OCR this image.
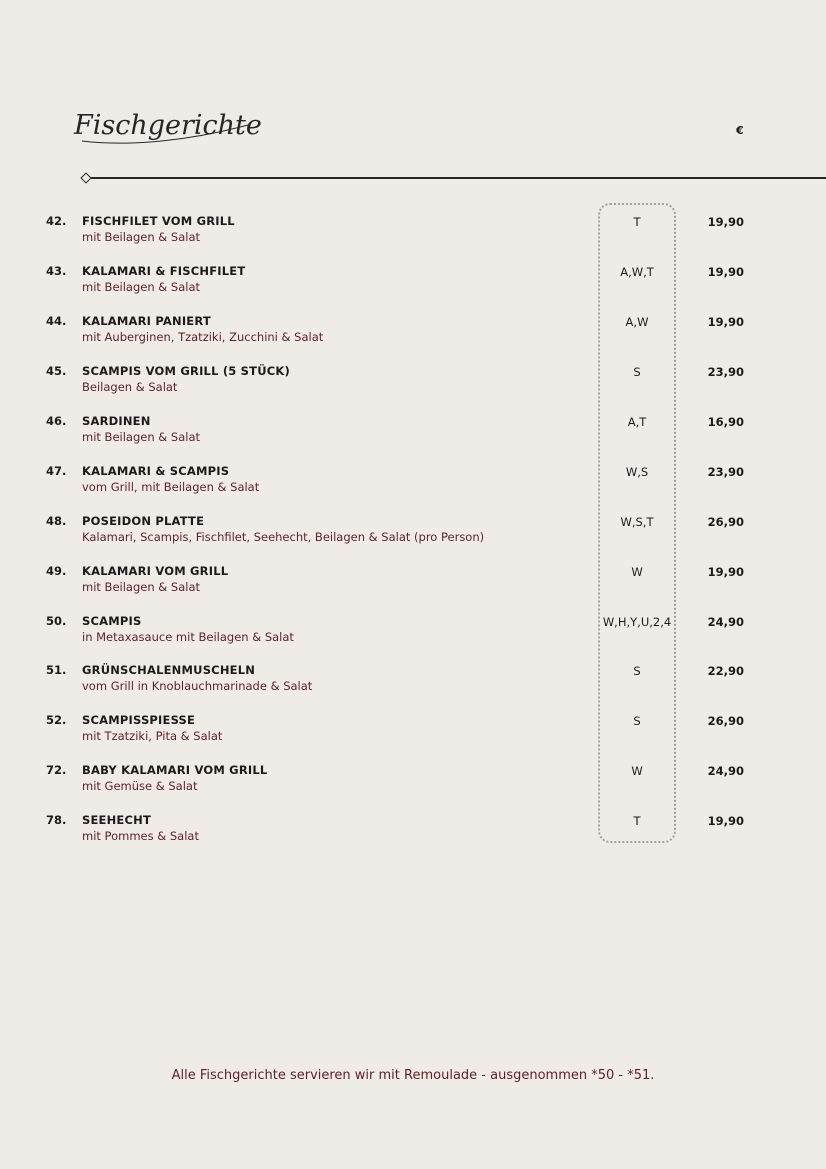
Fischgerichte	€
42. FISCHFILET VOM GRILL
mit Beilagen & Salat
T	19,90
43. KALAMARI & FISCHFILET
mit Beilagen & Salat
A,W,T	19,90
44. KALAMARI PANIERT
mit Auberginen, Tzatziki, Zucchini & Salat
A,W	19,90
45. SCAMPIS VOM GRILL (5 STÜCK)
Beilagen & Salat
S	23,90
46. SARDINEN
mit Beilagen & Salat
A,T	16,90
47. KALAMARI & SCAMPIS
vom Grill, mit Beilagen & Salat
W,S	23,90
48. POSEIDON PLATTE
Kalamari, Scampis, Fischfilet, Seehecht, Beilagen & Salat (pro Person)
W,S,T	26,90
49. KALAMARI VOM GRILL
mit Beilagen & Salat
W	19,90
50. SCAMPIS
in Metaxasauce mit Beilagen & Salat
W,H,Y,U,2,4	24,90
51. GRÜNSCHALENMUSCHELN
vom Grill in Knoblauchmarinade & Salat
S	22,90
52. SCAMPISSPIESSE
mit Tzatziki, Pita & Salat
S	26,90
72. BABY KALAMARI VOM GRILL
mit Gemüse & Salat
W	24,90
78. SEEHECHT
mit Pommes & Salat
T	19,90
Alle Fischgerichte servieren wir mit Remoulade - ausgenommen *50 - *51.
